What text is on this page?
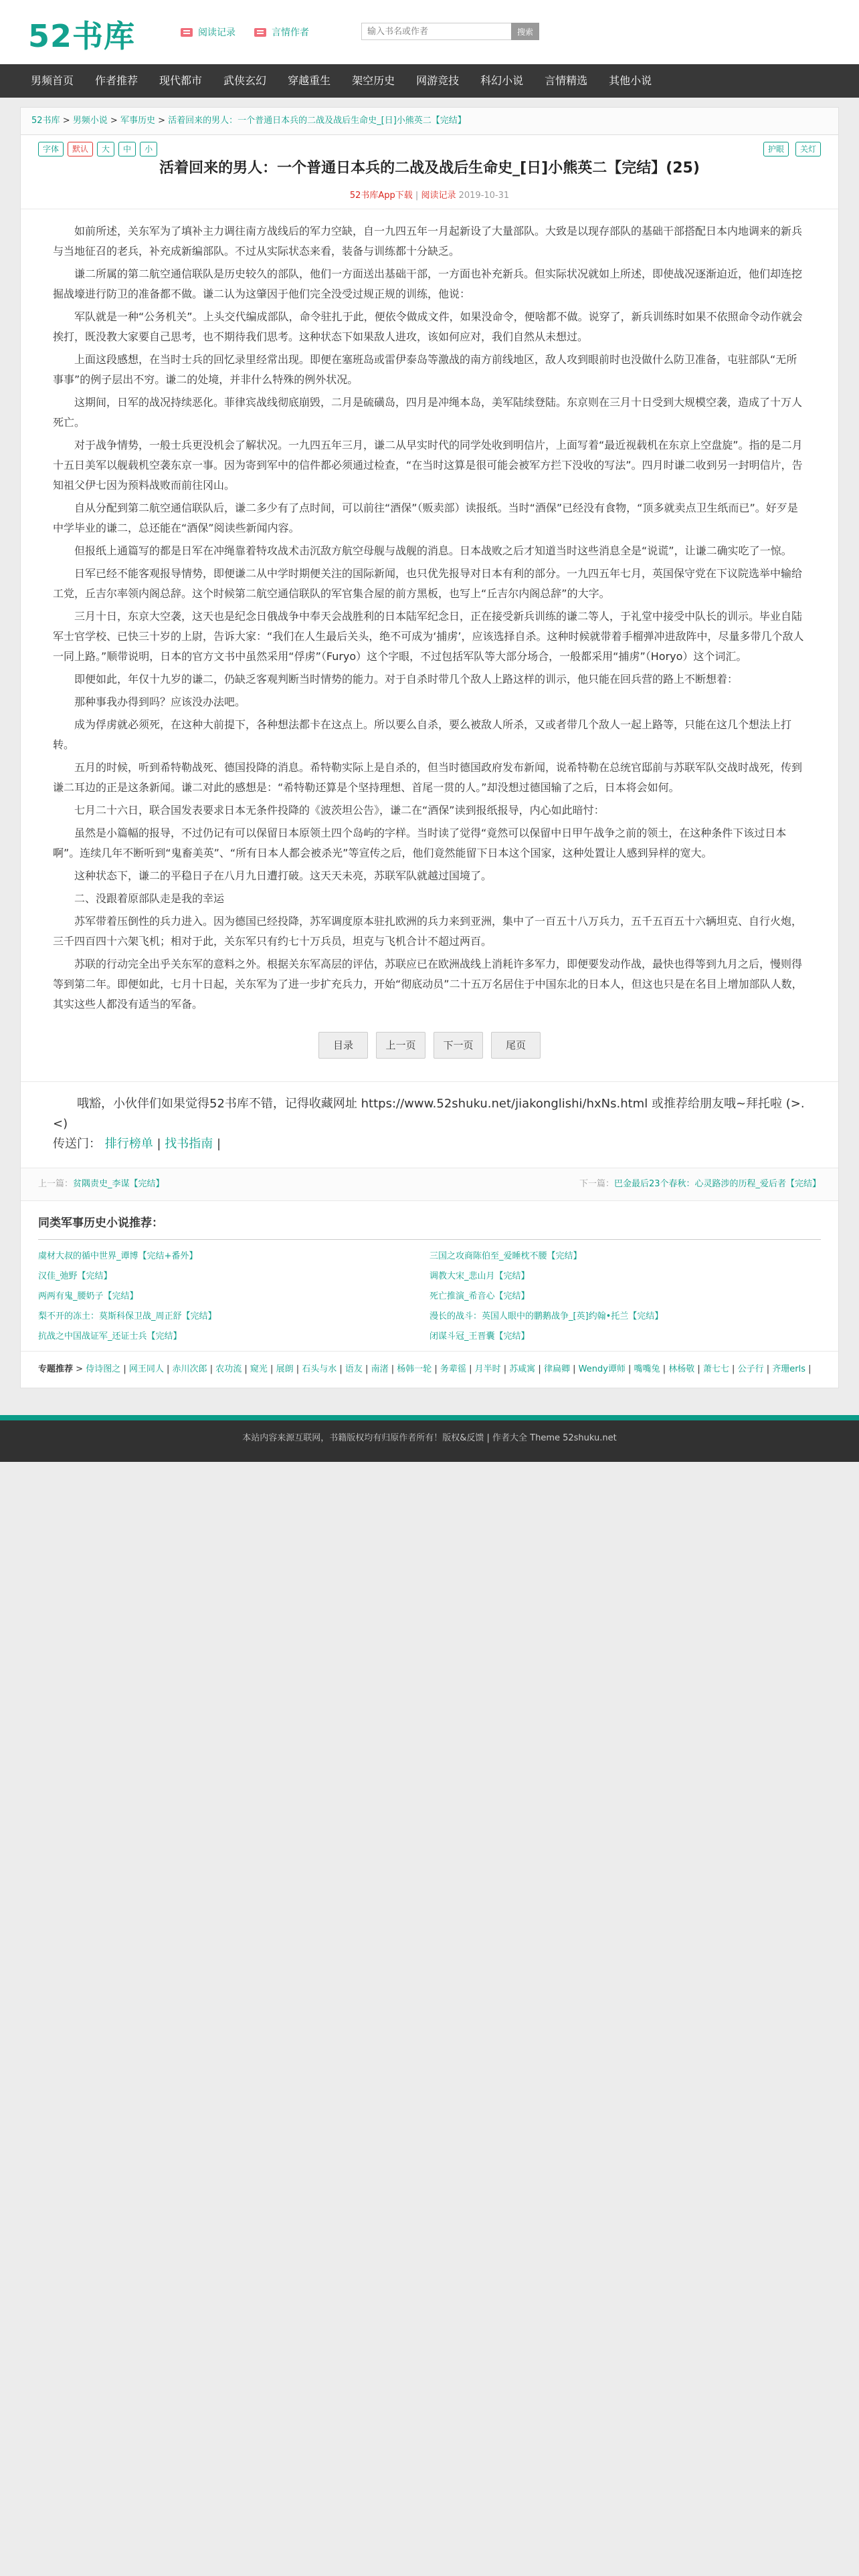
52书库	阅读记录	言情作者
输入书名或作者	搜索
男频首页	作者推荐	现代都市	武侠玄幻	穿越重生	架空历史	网游竞技	科幻小说	言情精选	其他小说
52书库 > 男频小说 > 军事历史 > 活着回来的男人：一个普通日本兵的二战及战后生命史_[日]小熊英二【完结】
字体	默认	大	中	小	护眼	关灯
活着回来的男人：一个普通日本兵的二战及战后生命史_[日]小熊英二【完结】(25)
52书库App下载 | 阅读记录 2019-10-31

如前所述，关东军为了填补主力调往南方战线后的军力空缺，自一九四五年一月起新设了大量部队。大致是以现存部队的基础干部搭配日本内地调来的新兵与当地征召的老兵，补充成新编部队。不过从实际状态来看，装备与训练都十分缺乏。

谦二所属的第二航空通信联队是历史较久的部队，他们一方面送出基础干部，一方面也补充新兵。但实际状况就如上所述，即使战况逐渐迫近，他们却连挖掘战壕进行防卫的准备都不做。谦二认为这肇因于他们完全没受过规正规的训练，他说：

军队就是一种“公务机关”。上头交代编成部队，命令驻扎于此，便依令做成文件，如果没命令，便啥都不做。说穿了，新兵训练时如果不依照命令动作就会挨打，既没教大家要自己思考，也不期待我们思考。这种状态下如果敌人进攻，该如何应对，我们自然从未想过。

上面这段感想，在当时士兵的回忆录里经常出现。即便在塞班岛或雷伊泰岛等激战的南方前线地区，敌人攻到眼前时也没做什么防卫准备，屯驻部队“无所事事”的例子层出不穷。谦二的处境，并非什么特殊的例外状况。

这期间，日军的战况持续恶化。菲律宾战线彻底崩毁，二月是硫磺岛，四月是冲绳本岛，美军陆续登陆。东京则在三月十日受到大规模空袭，造成了十万人死亡。

对于战争情势，一般士兵更没机会了解状况。一九四五年三月，谦二从早实时代的同学处收到明信片，上面写着“最近视载机在东京上空盘旋”。指的是二月十五日美军以舰载机空袭东京一事。因为寄到军中的信件都必须通过检查，“在当时这算是很可能会被军方拦下没收的写法”。四月时谦二收到另一封明信片，告知祖父伊七因为预料战败而前往冈山。

自从分配到第二航空通信联队后，谦二多少有了点时间，可以前往“酒保”（贩卖部）读报纸。当时“酒保”已经没有食物，“顶多就卖点卫生纸而已”。好歹是中学毕业的谦二，总还能在“酒保”阅读些新闻内容。

但报纸上通篇写的都是日军在冲绳靠着特攻战术击沉敌方航空母舰与战舰的消息。日本战败之后才知道当时这些消息全是“说谎”，让谦二确实吃了一惊。

日军已经不能客观报导情势，即便谦二从中学时期便关注的国际新闻，也只优先报导对日本有利的部分。一九四五年七月，英国保守党在下议院选举中输给工党，丘吉尔率领内阁总辞。这个时候第二航空通信联队的军官集合屋的前方黑板，也写上“丘吉尔内阁总辞”的大字。

三月十日，东京大空袭，这天也是纪念日俄战争中奉天会战胜利的日本陆军纪念日，正在接受新兵训练的谦二等人，于礼堂中接受中队长的训示。毕业自陆军士官学校、已快三十岁的上尉，告诉大家：“我们在人生最后关头，绝不可成为‘捕虏’，应该选择自杀。这种时候就带着手榴弹冲进敌阵中，尽量多带几个敌人一同上路。”顺带说明，日本的官方文书中虽然采用“俘虏”（Furyo）这个字眼，不过包括军队等大部分场合，一般都采用“捕虏”（Horyo）这个词汇。

即便如此，年仅十九岁的谦二，仍缺乏客观判断当时情势的能力。对于自杀时带几个敌人上路这样的训示，他只能在回兵营的路上不断想着：

那种事我办得到吗？应该没办法吧。

成为俘虏就必须死，在这种大前提下，各种想法都卡在这点上。所以要么自杀，要么被敌人所杀，又或者带几个敌人一起上路等，只能在这几个想法上打转。

五月的时候，听到希特勒战死、德国投降的消息。希特勒实际上是自杀的，但当时德国政府发布新闻，说希特勒在总统官邸前与苏联军队交战时战死，传到谦二耳边的正是这条新闻。谦二对此的感想是：“希特勒还算是个坚持理想、首尾一贯的人。”却没想过德国输了之后，日本将会如何。

七月二十六日，联合国发表要求日本无条件投降的《波茨坦公告》，谦二在“酒保”读到报纸报导，内心如此暗忖：

虽然是小篇幅的报导，不过仍记有可以保留日本原领土四个岛屿的字样。当时读了觉得“竟然可以保留中日甲午战争之前的领土，在这种条件下该过日本啊”。连续几年不断听到“鬼畜美英”、“所有日本人都会被杀光”等宣传之后，他们竟然能留下日本这个国家，这种处置让人感到异样的宽大。

这种状态下，谦二的平稳日子在八月九日遭打破。这天天未亮，苏联军队就越过国境了。

二、没跟着原部队走是我的幸运

苏军带着压倒性的兵力进入。因为德国已经投降，苏军调度原本驻扎欧洲的兵力来到亚洲，集中了一百五十八万兵力，五千五百五十六辆坦克、自行火炮，三千四百四十六架飞机；相对于此，关东军只有约七十万兵员，坦克与飞机合计不超过两百。

苏联的行动完全出乎关东军的意料之外。根据关东军高层的评估，苏联应已在欧洲战线上消耗许多军力，即便要发动作战，最快也得等到九月之后，慢则得等到第二年。即便如此，七月十日起，关东军为了进一步扩充兵力，开始“彻底动员”二十五万名居住于中国东北的日本人，但这也只是在名目上增加部队人数，其实这些人都没有适当的军备。

目录	上一页	下一页	尾页

哦豁，小伙伴们如果觉得52书库不错，记得收藏网址 https://www.52shuku.net/jiakonglishi/hxNs.html 或推荐给朋友哦~拜托啦 (>.<)

传送门： 排行榜单 | 找书指南 |
上一篇：贫隅责史_李谋【完结】	下一篇：巴金最后23个春秋：心灵路涉的历程_爱后者【完结】
同类军事历史小说推荐：
虞材大叔的循中世界_谭博【完结+番外】	三国之攻商陈伯至_爱睡枕不腰【完结】
汉佳_弛野【完结】	调教大宋_悲山月【完结】
两两有鬼_腰奶子【完结】	死亡推演_希音心【完结】
梨不开的冻土：莫斯科保卫战_周正舒【完结】	漫长的战斗：英国人眼中的鹏鹅战争_[英]约翰•托兰【完结】
抗战之中国战证军_还证士兵【完结】	闭谋斗冠_王晋囊【完结】
专题推荐 > 侍诗图之 | 网王同人 | 赤川次郎 | 农功流 | 窥光 | 展朗 | 石头与水 | 语友 | 南渚 | 杨韩一轮 | 务辈徭 | 月半时 | 苏咸寓 | 律扁卿 | Wendy谭师 | 嘴嘴兔 | 林杨敬 | 萧七七 | 公子行 | 齐珊erls |
本站内容来源互联网，书籍版权均有归原作者所有！版权&反馈 | 作者大全 Theme 52shuku.net
